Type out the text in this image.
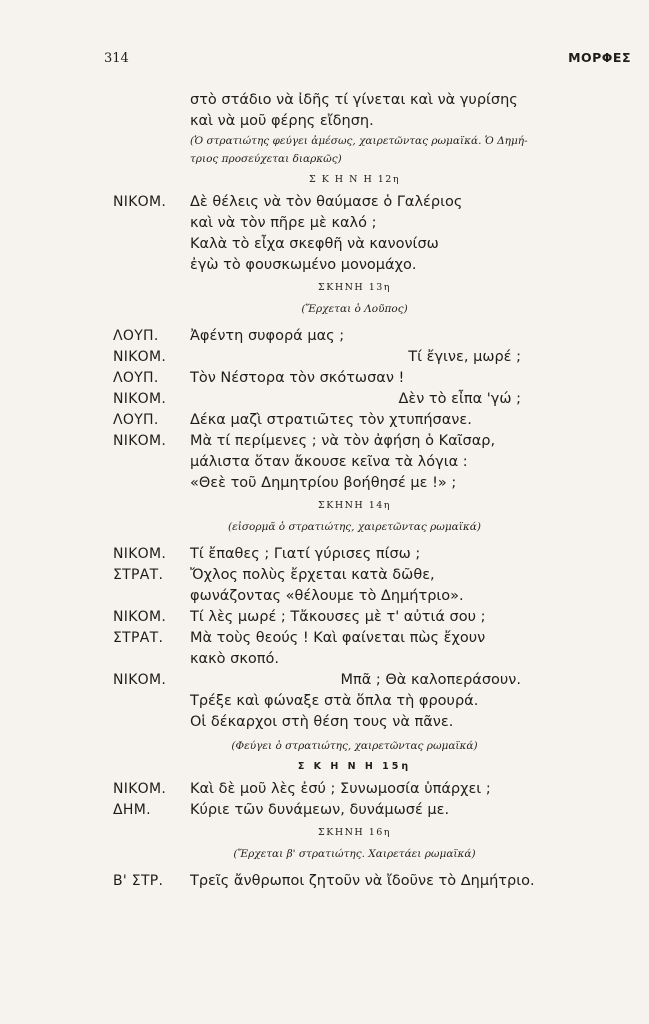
314	ΜΟΡΦΕΣ
στὸ στάδιο νὰ ἰδῆς τί γίνεται καὶ νὰ γυρίσης
καὶ νὰ μοῦ φέρης εἴδηση.
(Ὁ στρατιώτης φεύγει ἀμέσως, χαιρετῶντας ρωμαϊκά. Ὁ Δημή-
τριος προσεύχεται διαρκῶς)
Σ Κ Η Ν Η 12η
ΝΙΚΟΜ. Δὲ θέλεις νὰ τὸν θαύμασε ὁ Γαλέριος
καὶ νὰ τὸν πῆρε μὲ καλό ;
Καλὰ τὸ εἶχα σκεφθῆ νὰ κανονίσω
ἐγὼ τὸ φουσκωμένο μονομάχο.
ΣΚΗΝΗ 13η
(Ἔρχεται ὁ Λοῦπος)
ΛΟΥΠ. Ἀφέντη συφορά μας ;
ΝΙΚΟΜ.	Τί ἔγινε, μωρέ ;
ΛΟΥΠ. Τὸν Νέστορα τὸν σκότωσαν !
ΝΙΚΟΜ.	Δὲν τὸ εἶπα 'γώ ;
ΛΟΥΠ. Δέκα μαζὶ στρατιῶτες τὸν χτυπήσανε.
ΝΙΚΟΜ. Μὰ τί περίμενες ; νὰ τὸν ἀφήση ὁ Καῖσαρ,
μάλιστα ὅταν ἄκουσε κεῖνα τὰ λόγια :
«Θεὲ τοῦ Δημητρίου βοήθησέ με !» ;
ΣΚΗΝΗ 14η
(εἰσορμᾶ ὁ στρατιώτης, χαιρετῶντας ρωμαϊκά)
ΝΙΚΟΜ. Τί ἔπαθες ; Γιατί γύρισες πίσω ;
ΣΤΡΑΤ. Ὄχλος πολὺς ἔρχεται κατὰ δῶθε,
φωνάζοντας «θέλουμε τὸ Δημήτριο».
ΝΙΚΟΜ. Τί λὲς μωρέ ; Τἄκουσες μὲ τ' αὐτιά σου ;
ΣΤΡΑΤ. Μὰ τοὺς θεούς ! Καὶ φαίνεται πὼς ἔχουν
κακὸ σκοπό.
ΝΙΚΟΜ.	Μπᾶ ; Θὰ καλοπεράσουν.
Τρέξε καὶ φώναξε στὰ ὅπλα τὴ φρουρά.
Οἱ δέκαρχοι στὴ θέση τους νὰ πᾶνε.
(Φεύγει ὁ στρατιώτης, χαιρετῶντας ρωμαϊκά)
Σ Κ Η Ν Η 15η
ΝΙΚΟΜ. Καὶ δὲ μοῦ λὲς ἐσύ ; Συνωμοσία ὑπάρχει ;
ΔΗΜ.	Κύριε τῶν δυνάμεων, δυνάμωσέ με.
ΣΚΗΝΗ 16η
(Ἔρχεται β' στρατιώτης. Χαιρετάει ρωμαϊκά)
Β' ΣΤΡ. Τρεῖς ἄνθρωποι ζητοῦν νὰ ἴδοῦνε τὸ Δημήτριο.
